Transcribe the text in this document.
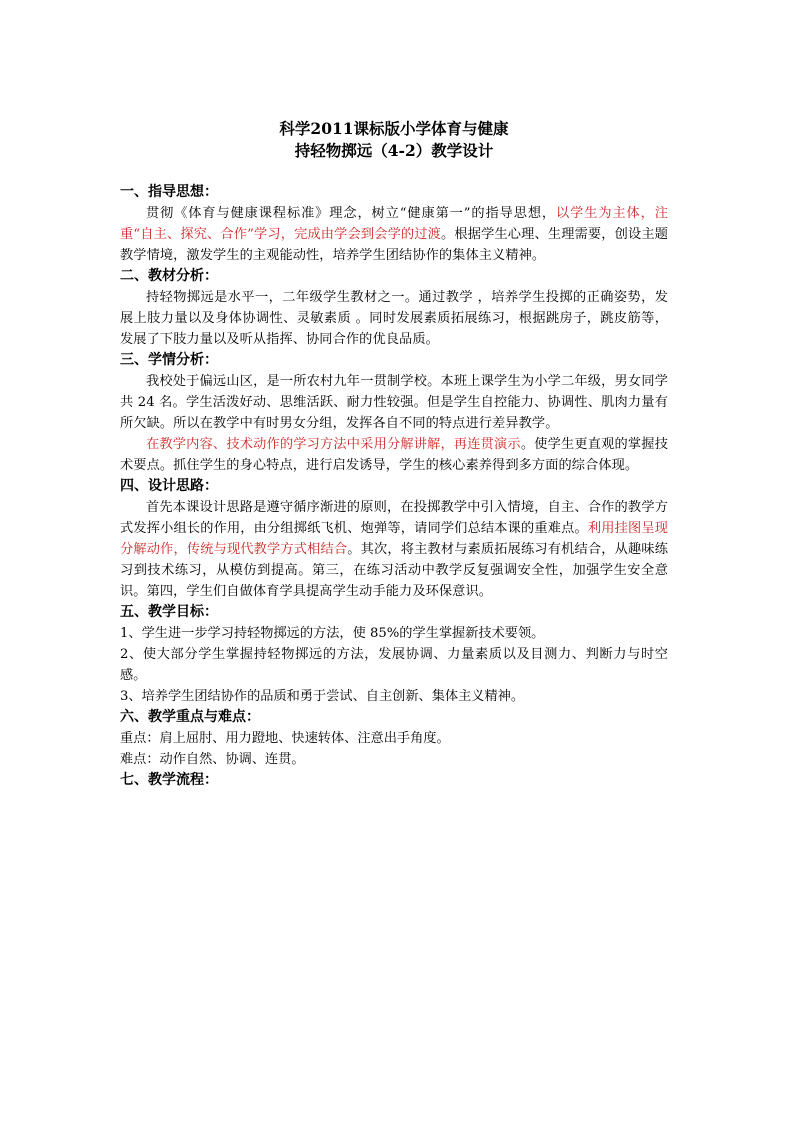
科学2011课标版小学体育与健康

持轻物掷远（4-2）教学设计

一、指导思想：

贯彻《体育与健康课程标准》理念，树立“健康第一”的指导思想，以学生为主体，注重“自主、探究、合作”学习，完成由学会到会学的过渡。根据学生心理、生理需要，创设主题教学情境，激发学生的主观能动性，培养学生团结协作的集体主义精神。

二、教材分析：

持轻物掷远是水平一，二年级学生教材之一。通过教学 ，培养学生投掷的正确姿势，发展上肢力量以及身体协调性、灵敏素质 。同时发展素质拓展练习，根据跳房子，跳皮筋等，发展了下肢力量以及听从指挥、协同合作的优良品质。

三、学情分析：

我校处于偏远山区，是一所农村九年一贯制学校。本班上课学生为小学二年级，男女同学共 24 名。学生活泼好动、思维活跃、耐力性较强。但是学生自控能力、协调性、肌肉力量有所欠缺。所以在教学中有时男女分组，发挥各自不同的特点进行差异教学。

在教学内容、技术动作的学习方法中采用分解讲解，再连贯演示。使学生更直观的掌握技术要点。抓住学生的身心特点，进行启发诱导，学生的核心素养得到多方面的综合体现。

四、设计思路：

首先本课设计思路是遵守循序渐进的原则，在投掷教学中引入情境，自主、合作的教学方式发挥小组长的作用，由分组掷纸飞机、炮弹等，请同学们总结本课的重难点。利用挂图呈现分解动作，传统与现代教学方式相结合。其次，将主教材与素质拓展练习有机结合，从趣味练习到技术练习，从模仿到提高。第三，在练习活动中教学反复强调安全性，加强学生安全意识。第四，学生们自做体育学具提高学生动手能力及环保意识。

五、教学目标：

1、学生进一步学习持轻物掷远的方法，使 85%的学生掌握新技术要领。

2、使大部分学生掌握持轻物掷远的方法，发展协调、力量素质以及目测力、判断力与时空感。

3、培养学生团结协作的品质和勇于尝试、自主创新、集体主义精神。

六、教学重点与难点：

重点：肩上屈肘、用力蹬地、快速转体、注意出手角度。

难点：动作自然、协调、连贯。

七、教学流程：
